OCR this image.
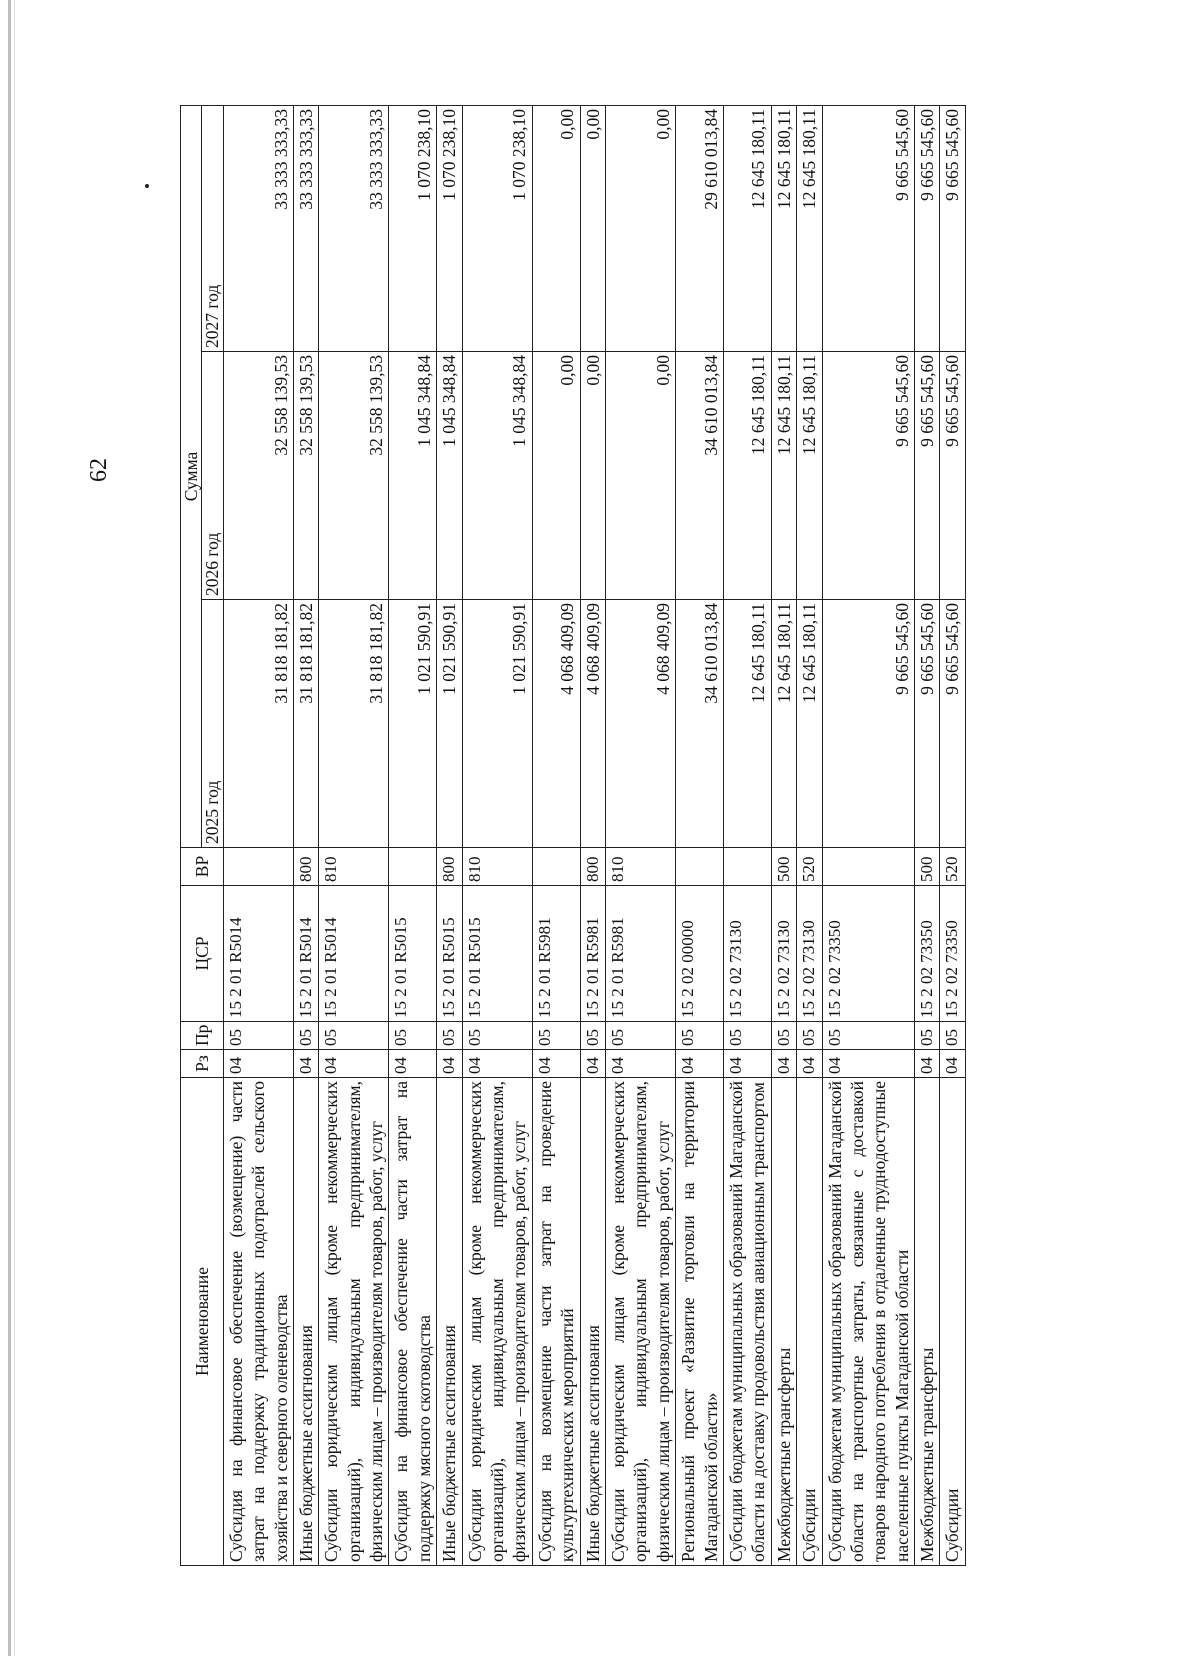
62
Наименование	Рз	Пр	ЦСР	ВР	Сумма		
					2025 год	2026 год	2027 год
Субсидия на финансовое обеспечение (возмещение) части затрат на поддержку традиционных подотраслей сельского хозяйства и северного оленеводства	04	05	15 2 01 R5014		31 818 181,82	32 558 139,53	33 333 333,33
Иные бюджетные ассигнования	04	05	15 2 01 R5014	800	31 818 181,82	32 558 139,53	33 333 333,33
Субсидии юридическим лицам (кроме некоммерческих организаций), индивидуальным предпринимателям, физическим лицам – производителям товаров, работ, услуг	04	05	15 2 01 R5014	810	31 818 181,82	32 558 139,53	33 333 333,33
Субсидия на финансовое обеспечение части затрат на поддержку мясного скотоводства	04	05	15 2 01 R5015		1 021 590,91	1 045 348,84	1 070 238,10
Иные бюджетные ассигнования	04	05	15 2 01 R5015	800	1 021 590,91	1 045 348,84	1 070 238,10
Субсидии юридическим лицам (кроме некоммерческих организаций), индивидуальным предпринимателям, физическим лицам – производителям товаров, работ, услуг	04	05	15 2 01 R5015	810	1 021 590,91	1 045 348,84	1 070 238,10
Субсидия на возмещение части затрат на проведение культуртехнических мероприятий	04	05	15 2 01 R5981		4 068 409,09	0,00	0,00
Иные бюджетные ассигнования	04	05	15 2 01 R5981	800	4 068 409,09	0,00	0,00
Субсидии юридическим лицам (кроме некоммерческих организаций), индивидуальным предпринимателям, физическим лицам – производителям товаров, работ, услуг	04	05	15 2 01 R5981	810	4 068 409,09	0,00	0,00
Региональный проект «Развитие торговли на территории Магаданской области»	04	05	15 2 02 00000		34 610 013,84	34 610 013,84	29 610 013,84
Субсидии бюджетам муниципальных образований Магаданской области на доставку продовольствия авиационным транспортом	04	05	15 2 02 73130		12 645 180,11	12 645 180,11	12 645 180,11
Межбюджетные трансферты	04	05	15 2 02 73130	500	12 645 180,11	12 645 180,11	12 645 180,11
Субсидии	04	05	15 2 02 73130	520	12 645 180,11	12 645 180,11	12 645 180,11
Субсидии бюджетам муниципальных образований Магаданской области на транспортные затраты, связанные с доставкой товаров народного потребления в отдаленные труднодоступные населенные пункты Магаданской области	04	05	15 2 02 73350		9 665 545,60	9 665 545,60	9 665 545,60
Межбюджетные трансферты	04	05	15 2 02 73350	500	9 665 545,60	9 665 545,60	9 665 545,60
Субсидии	04	05	15 2 02 73350	520	9 665 545,60	9 665 545,60	9 665 545,60
